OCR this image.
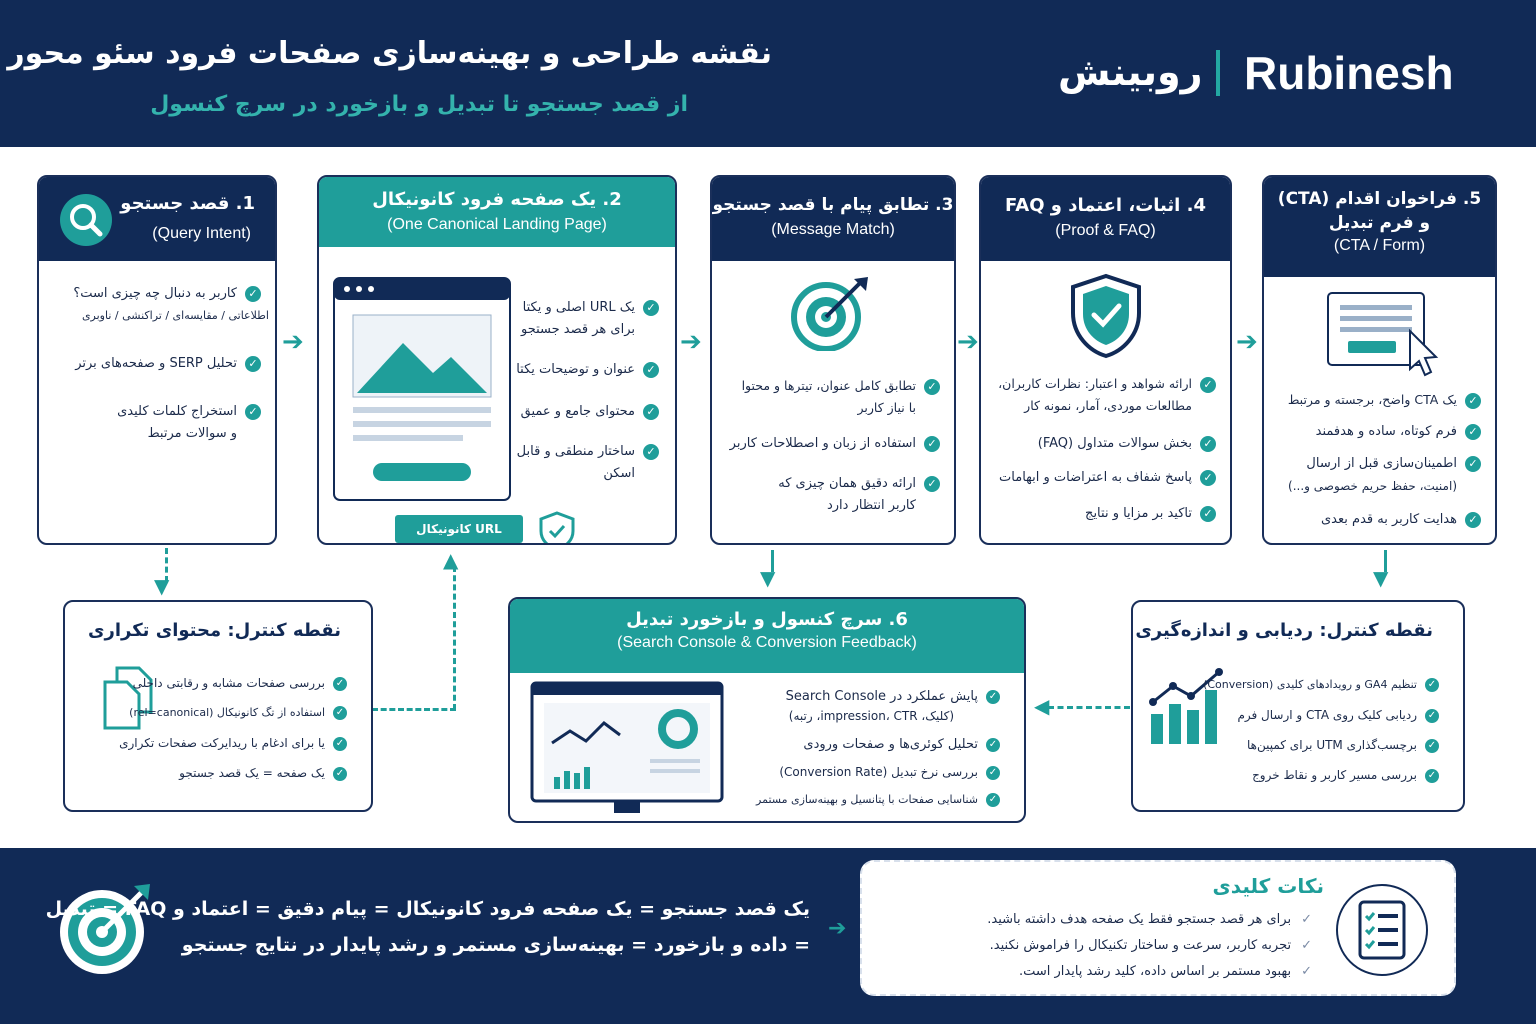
نقشه طراحی و بهینه‌سازی صفحات فرود سئو محور
از قصد جستجو تا تبدیل و بازخورد در سرچ کنسول
روبینش Rubinesh
1. قصد جستجو
(Query Intent)
✓کاربر به دنبال چه چیزی است؟
اطلاعاتی / مقایسه‌ای / تراکنشی / ناوبری
✓تحلیل SERP و صفحه‌های برتر
✓استخراج کلمات کلیدی
و سوالات مرتبط
➔
2. یک صفحه فرود کانونیکال
(One Canonical Landing Page)
✓یک URL اصلی و یکتا
برای هر قصد جستجو
✓عنوان و توضیحات یکتا
✓محتوای جامع و عمیق
✓ساختار منطقی و قابل
اسکن
URL کانونیکال
➔
3. تطابق پیام با قصد جستجو
(Message Match)
✓تطابق کامل عنوان، تیترها و محتوا
با نیاز کاربر
✓استفاده از زبان و اصطلاحات کاربر
✓ارائه دقیق همان چیزی که
کاربر انتظار دارد
➔
4. اثبات، اعتماد و FAQ
(Proof & FAQ)
✓ارائه شواهد و اعتبار: نظرات کاربران،
مطالعات موردی، آمار، نمونه کار
✓بخش سوالات متداول (FAQ)
✓پاسخ شفاف به اعتراضات و ابهامات
✓تاکید بر مزایا و نتایج
➔
5. فراخوان اقدام (CTA)
و فرم تبدیل
(CTA / Form)
✓یک CTA واضح، برجسته و مرتبط
✓فرم کوتاه، ساده و هدفمند
✓اطمینان‌سازی قبل از ارسال
(امنیت، حفظ حریم خصوصی و...)
✓هدایت کاربر به قدم بعدی
▼
▲
▼	▼
◀
نقطه کنترل: محتوای تکراری
✓بررسی صفحات مشابه و رقابتی داخلی
✓استفاده از تگ کانونیکال (rel=canonical)
✓یا برای ادغام با ریدایرکت صفحات تکراری
✓یک صفحه = یک قصد جستجو
6. سرچ کنسول و بازخورد تبدیل
(Search Console & Conversion Feedback)
✓پایش عملکرد در Search Console
(کلیک، impression، CTR، رتبه)
✓تحلیل کوئری‌ها و صفحات ورودی
✓بررسی نرخ تبدیل (Conversion Rate)
✓شناسایی صفحات با پتانسیل و بهینه‌سازی مستمر
نقطه کنترل: ردیابی و اندازه‌گیری
✓تنظیم GA4 و رویدادهای کلیدی (Conversion)
✓ردیابی کلیک روی CTA و ارسال فرم
✓برچسب‌گذاری UTM برای کمپین‌ها
✓بررسی مسیر کاربر و نقاط خروج
یک قصد جستجو = یک صفحه فرود کانونیکال = پیام دقیق = اعتماد و FAQ = تبدیل
= داده و بازخورد = بهینه‌سازی مستمر و رشد پایدار در نتایج جستجو
➔
نکات کلیدی
✓برای هر قصد جستجو فقط یک صفحه هدف داشته باشید.
✓تجربه کاربر، سرعت و ساختار تکنیکال را فراموش نکنید.
✓بهبود مستمر بر اساس داده، کلید رشد پایدار است.
